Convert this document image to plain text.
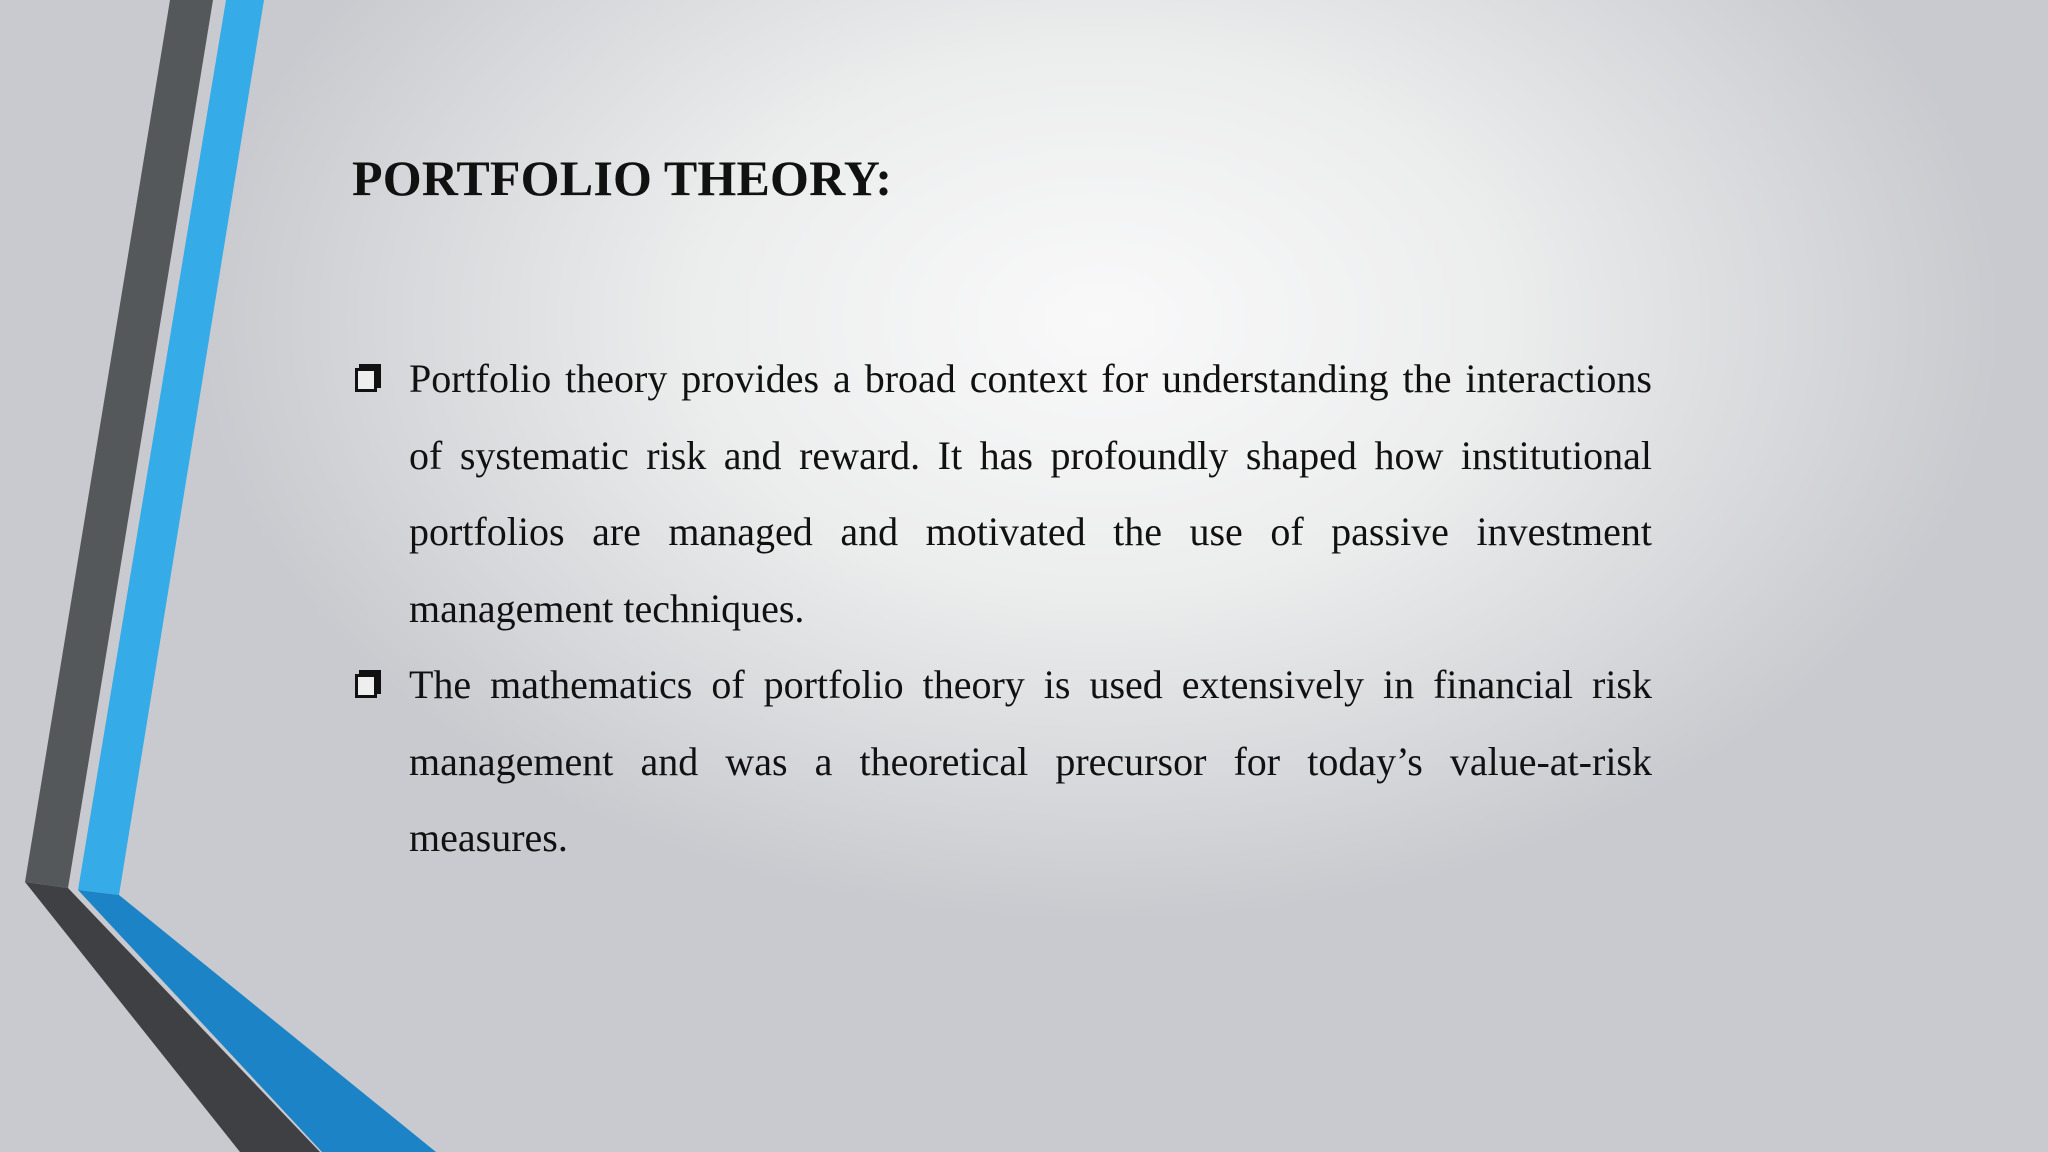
PORTFOLIO THEORY:
Portfolio theory provides a broad context for understanding the interactions of systematic risk and reward. It has profoundly shaped how institutional portfolios are managed and motivated the use of passive investment management techniques.
The mathematics of portfolio theory is used extensively in financial risk management and was a theoretical precursor for today’s value-at-risk measures.
